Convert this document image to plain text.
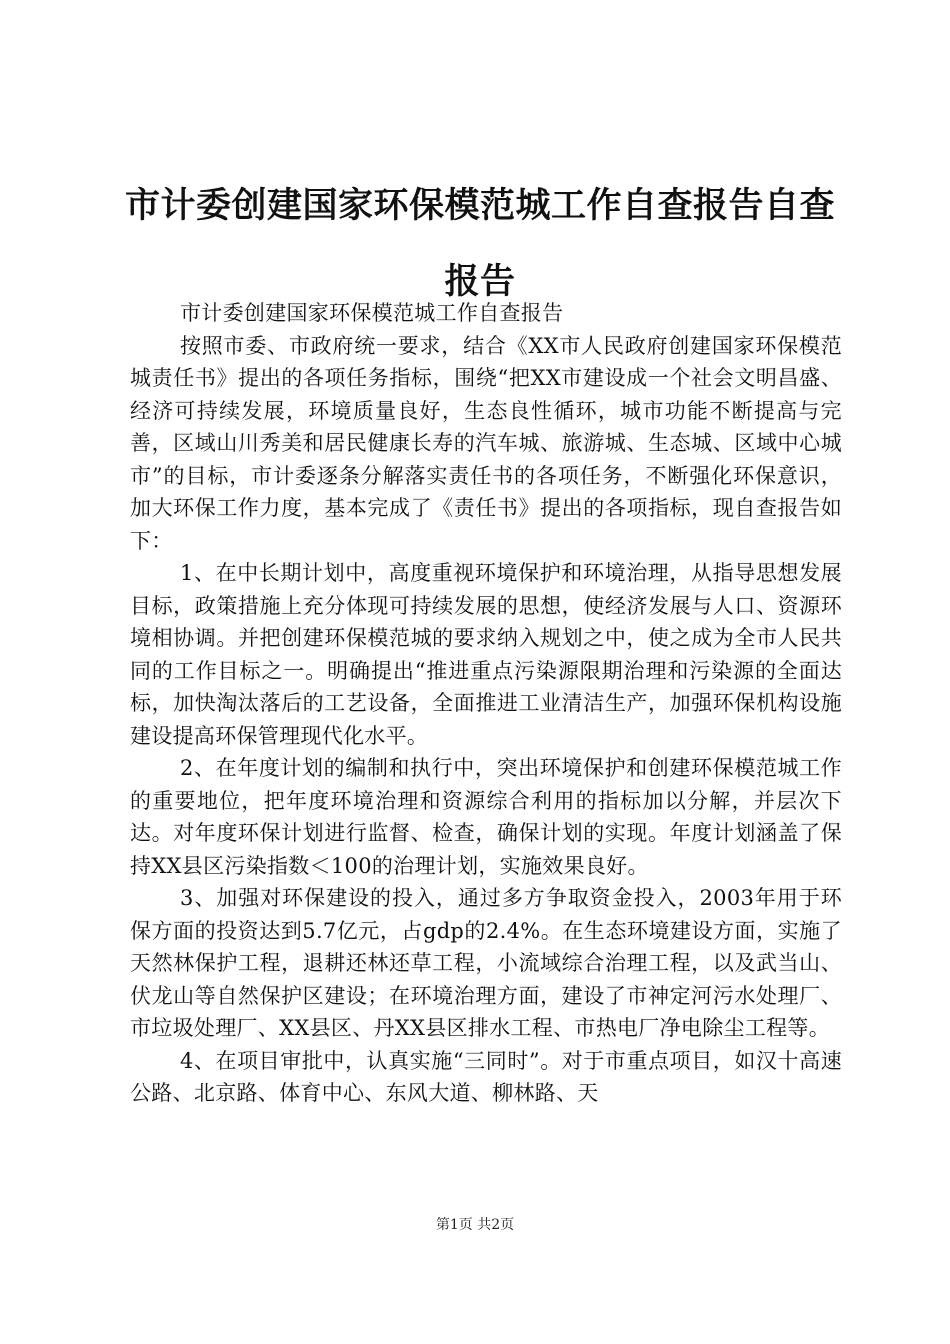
市计委创建国家环保模范城工作自查报告自查报告

市计委创建国家环保模范城工作自查报告

按照市委、市政府统一要求，结合《XX市人民政府创建国家环保模范城责任书》提出的各项任务指标，围绕“把XX市建设成一个社会文明昌盛、经济可持续发展，环境质量良好，生态良性循环，城市功能不断提高与完善，区域山川秀美和居民健康长寿的汽车城、旅游城、生态城、区域中心城市”的目标，市计委逐条分解落实责任书的各项任务，不断强化环保意识，加大环保工作力度，基本完成了《责任书》提出的各项指标，现自查报告如下：

1、在中长期计划中，高度重视环境保护和环境治理，从指导思想发展目标，政策措施上充分体现可持续发展的思想，使经济发展与人口、资源环境相协调。并把创建环保模范城的要求纳入规划之中，使之成为全市人民共同的工作目标之一。明确提出“推进重点污染源限期治理和污染源的全面达标，加快淘汰落后的工艺设备，全面推进工业清洁生产，加强环保机构设施建设提高环保管理现代化水平。

2、在年度计划的编制和执行中，突出环境保护和创建环保模范城工作的重要地位，把年度环境治理和资源综合利用的指标加以分解，并层次下达。对年度环保计划进行监督、检查，确保计划的实现。年度计划涵盖了保持XX县区污染指数＜100的治理计划，实施效果良好。

3、加强对环保建设的投入，通过多方争取资金投入，2003年用于环保方面的投资达到5.7亿元，占gdp的2.4%。在生态环境建设方面，实施了天然林保护工程，退耕还林还草工程，小流域综合治理工程，以及武当山、伏龙山等自然保护区建设；在环境治理方面，建设了市神定河污水处理厂、市垃圾处理厂、XX县区、丹XX县区排水工程、市热电厂净电除尘工程等。

4、在项目审批中，认真实施“三同时”。对于市重点项目，如汉十高速公路、北京路、体育中心、东风大道、柳林路、天

第1页 共2页
